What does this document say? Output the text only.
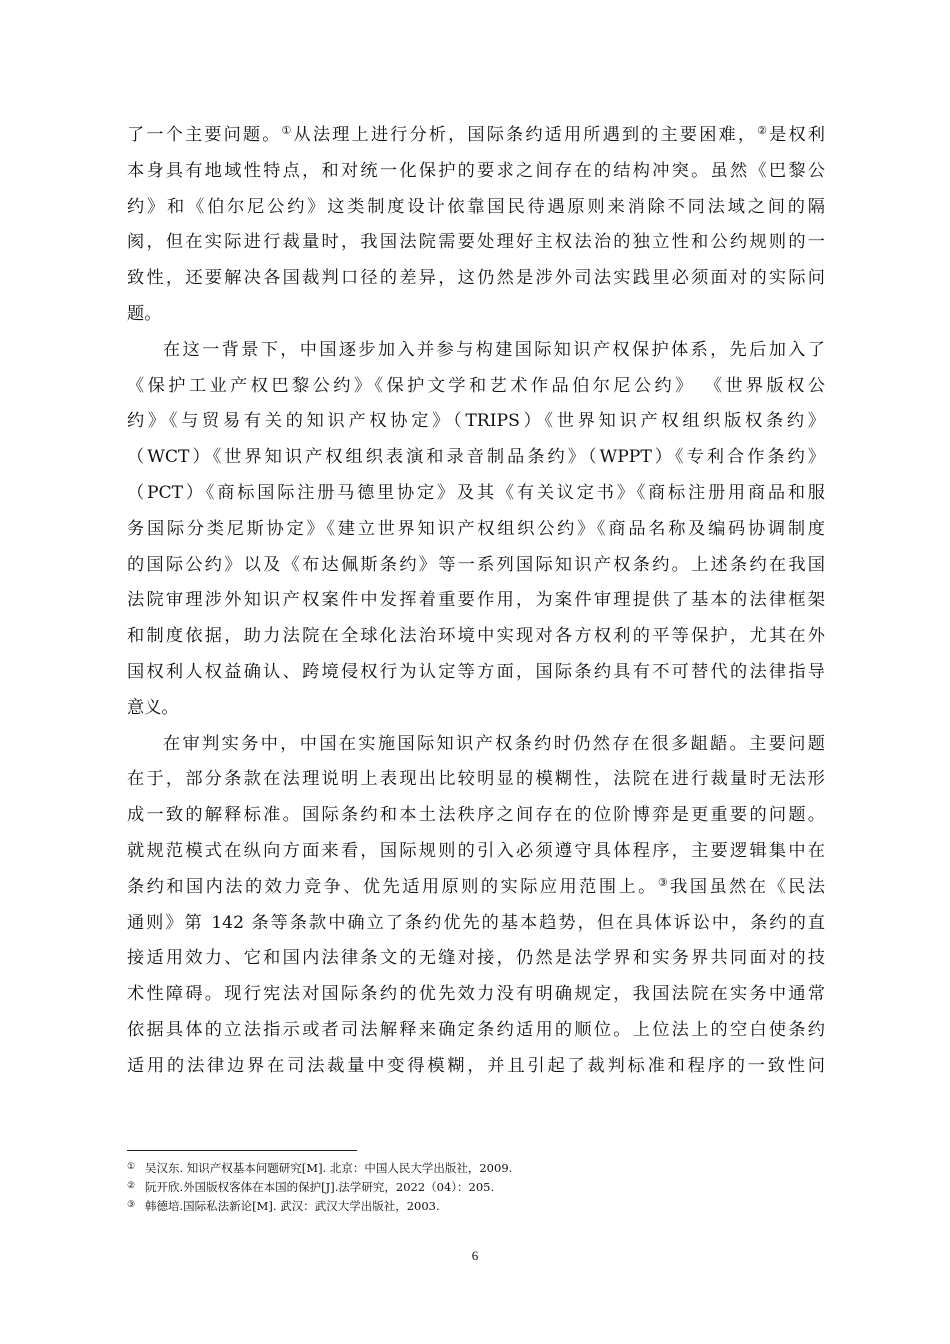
了一个主要问题。①从法理上进行分析，国际条约适用所遇到的主要困难，②是权利
本身具有地域性特点，和对统一化保护的要求之间存在的结构冲突。虽然《巴黎公
约》和《伯尔尼公约》这类制度设计依靠国民待遇原则来消除不同法域之间的隔
阂，但在实际进行裁量时，我国法院需要处理好主权法治的独立性和公约规则的一
致性，还要解决各国裁判口径的差异，这仍然是涉外司法实践里必须面对的实际问
题。
在这一背景下，中国逐步加入并参与构建国际知识产权保护体系，先后加入了
《保护工业产权巴黎公约》《保护文学和艺术作品伯尔尼公约》 《世界版权公
约》《与贸易有关的知识产权协定》（TRIPS）《世界知识产权组织版权条约》
（WCT）《世界知识产权组织表演和录音制品条约》（WPPT）《专利合作条约》
（PCT）《商标国际注册马德里协定》及其《有关议定书》《商标注册用商品和服
务国际分类尼斯协定》《建立世界知识产权组织公约》《商品名称及编码协调制度
的国际公约》以及《布达佩斯条约》等一系列国际知识产权条约。上述条约在我国
法院审理涉外知识产权案件中发挥着重要作用，为案件审理提供了基本的法律框架
和制度依据，助力法院在全球化法治环境中实现对各方权利的平等保护，尤其在外
国权利人权益确认、跨境侵权行为认定等方面，国际条约具有不可替代的法律指导
意义。
在审判实务中，中国在实施国际知识产权条约时仍然存在很多龃龉。主要问题
在于，部分条款在法理说明上表现出比较明显的模糊性，法院在进行裁量时无法形
成一致的解释标准。国际条约和本土法秩序之间存在的位阶博弈是更重要的问题。
就规范模式在纵向方面来看，国际规则的引入必须遵守具体程序，主要逻辑集中在
条约和国内法的效力竞争、优先适用原则的实际应用范围上。③我国虽然在《民法
通则》第 142 条等条款中确立了条约优先的基本趋势，但在具体诉讼中，条约的直
接适用效力、它和国内法律条文的无缝对接，仍然是法学界和实务界共同面对的技
术性障碍。现行宪法对国际条约的优先效力没有明确规定，我国法院在实务中通常
依据具体的立法指示或者司法解释来确定条约适用的顺位。上位法上的空白使条约
适用的法律边界在司法裁量中变得模糊，并且引起了裁判标准和程序的一致性问
① 吴汉东. 知识产权基本问题研究[M]. 北京：中国人民大学出版社，2009.
② 阮开欣.外国版权客体在本国的保护[J].法学研究，2022（04）：205.
③ 韩德培.国际私法新论[M]. 武汉：武汉大学出版社，2003.
6
